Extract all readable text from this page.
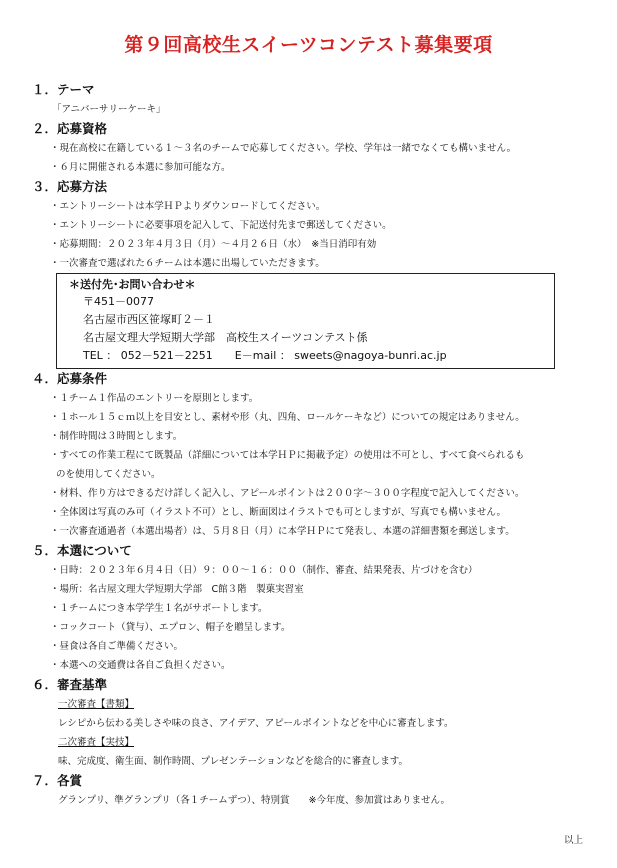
第９回高校生スイーツコンテスト募集要項
１．テーマ
「アニバーサリーケーキ」
２．応募資格
・現在高校に在籍している１～３名のチームで応募してください。学校、学年は一緒でなくても構いません。
・６月に開催される本選に参加可能な方。
３．応募方法
・エントリーシートは本学ＨＰよりダウンロードしてください。
・エントリーシートに必要事項を記入して、下記送付先まで郵送してください。
・応募期間：２０２３年４月３日（月）～４月２６日（水）　※当日消印有効
・一次審査で選ばれた６チームは本選に出場していただきます。
＊送付先･お問い合わせ＊
〒451－0077
名古屋市西区笹塚町２－１
名古屋文理大学短期大学部　高校生スイーツコンテスト係
TEL ： 052－521－2251　　E－mail ： sweets@nagoya-bunri.ac.jp
４．応募条件
・１チーム１作品のエントリーを原則とします。
・１ホール１５ｃｍ以上を目安とし、素材や形（丸、四角、ロールケーキなど）についての規定はありません。
・制作時間は３時間とします。
・すべての作業工程にて既製品（詳細については本学ＨＰに掲載予定）の使用は不可とし、すべて食べられるも
のを使用してください。
・材料、作り方はできるだけ詳しく記入し、アピールポイントは２００字～３００字程度で記入してください。
・全体図は写真のみ可（イラスト不可）とし、断面図はイラストでも可としますが、写真でも構いません。
・一次審査通過者（本選出場者）は、５月８日（月）に本学ＨＰにて発表し、本選の詳細書類を郵送します。
５．本選について
・日時：２０２３年６月４日（日）９：００～１６：００（制作、審査、結果発表、片づけを含む）
・場所：名古屋文理大学短期大学部　C館３階　製菓実習室
・１チームにつき本学学生１名がサポートします。
・コックコート（貸与）、エプロン、帽子を贈呈します。
・昼食は各自ご準備ください。
・本選への交通費は各自ご負担ください。
６．審査基準
一次審査【書類】
レシピから伝わる美しさや味の良さ、アイデア、アピールポイントなどを中心に審査します。
二次審査【実技】
味、完成度、衛生面、制作時間、プレゼンテーションなどを総合的に審査します。
７．各賞
グランプリ、準グランプリ（各１チームずつ）、特別賞　　※今年度、参加賞はありません。
以上
